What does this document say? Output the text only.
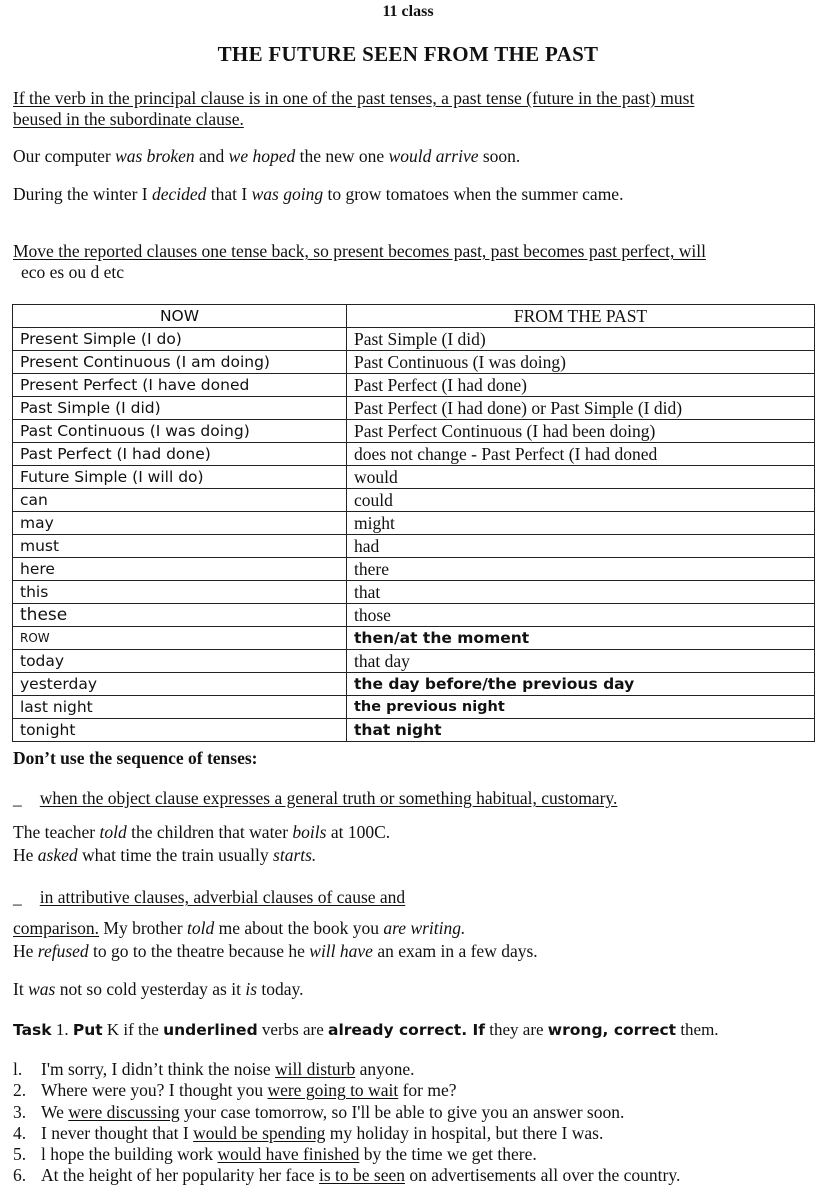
11 class
THE FUTURE SEEN FROM THE PAST
If the verb in the principal clause is in one of the past tenses, a past tense (future in the past) must
beused in the subordinate clause.
Our computer was broken and we hoped the new one would arrive soon.
During the winter I decided that I was going to grow tomatoes when the summer came.
Move the reported clauses one tense back, so present becomes past, past becomes past perfect, will
eco es ou d etc
NOW	FROM THE PAST
Present Simple (I do)	Past Simple (I did)
Present Continuous (I am doing)	Past Continuous (I was doing)
Present Perfect (I have doned	Past Perfect (I had done)
Past Simple (I did)	Past Perfect (I had done) or Past Simple (I did)
Past Continuous (I was doing)	Past Perfect Continuous (I had been doing)
Past Perfect (I had done)	does not change - Past Perfect (I had doned
Future Simple (I will do)	would
can	could
may	might
must	had
here	there
this	that
these	those
ROW	then/at the moment
today	that day
yesterday	the day before/the previous day
last night	the previous night
tonight	that night
Don’t use the sequence of tenses:
_ when the object clause expresses a general truth or something habitual, customary.
The teacher told the children that water boils at 100C.
He asked what time the train usually starts.
_ in attributive clauses, adverbial clauses of cause and
comparison. My brother told me about the book you are writing.
He refused to go to the theatre because he will have an exam in a few days.
It was not so cold yesterday as it is today.
Task 1. Put K if the underlined verbs are already correct. If they are wrong, correct them.
l. I'm sorry, I didn’t think the noise will disturb anyone.
2. Where were you? I thought you were going to wait for me?
3. We were discussing your case tomorrow, so I'll be able to give you an answer soon.
4. I never thought that I would be spending my holiday in hospital, but there I was.
5. l hope the building work would have finished by the time we get there.
6. At the height of her popularity her face is to be seen on advertisements all over the country.
